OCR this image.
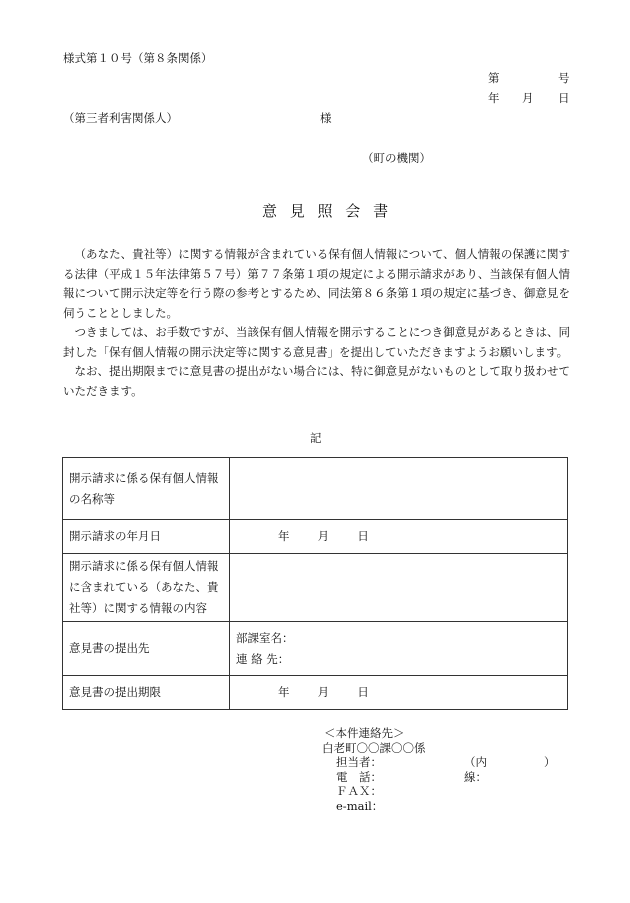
様式第１０号（第８条関係）
第	号
年 月 日
（第三者利害関係人）	様
（町の機関）
意 見 照 会 書

（あなた、貴社等）に関する情報が含まれている保有個人情報について、個人情報の保護に関する法律（平成１５年法律第５７号）第７７条第１項の規定による開示請求があり、当該保有個人情報について開示決定等を行う際の参考とするため、同法第８６条第１項の規定に基づき、御意見を伺うこととしました。

つきましては、お手数ですが、当該保有個人情報を開示することにつき御意見があるときは、同封した「保有個人情報の開示決定等に関する意見書」を提出していただきますようお願いします。

なお、提出期限までに意見書の提出がない場合には、特に御意見がないものとして取り扱わせていただきます。

記
開示請求に係る保有個人情報の名称等	
開示請求の年月日	年 月 日
開示請求に係る保有個人情報に含まれている（あなた、貴社等）に関する情報の内容	
意見書の提出先	部課室名：
連 絡 先：

意見書の提出期限	年 月 日
＜本件連絡先＞
白老町〇〇課〇〇係
担当者：	（内線：
）
電　話：
ＦＡＸ：
e-mail：
